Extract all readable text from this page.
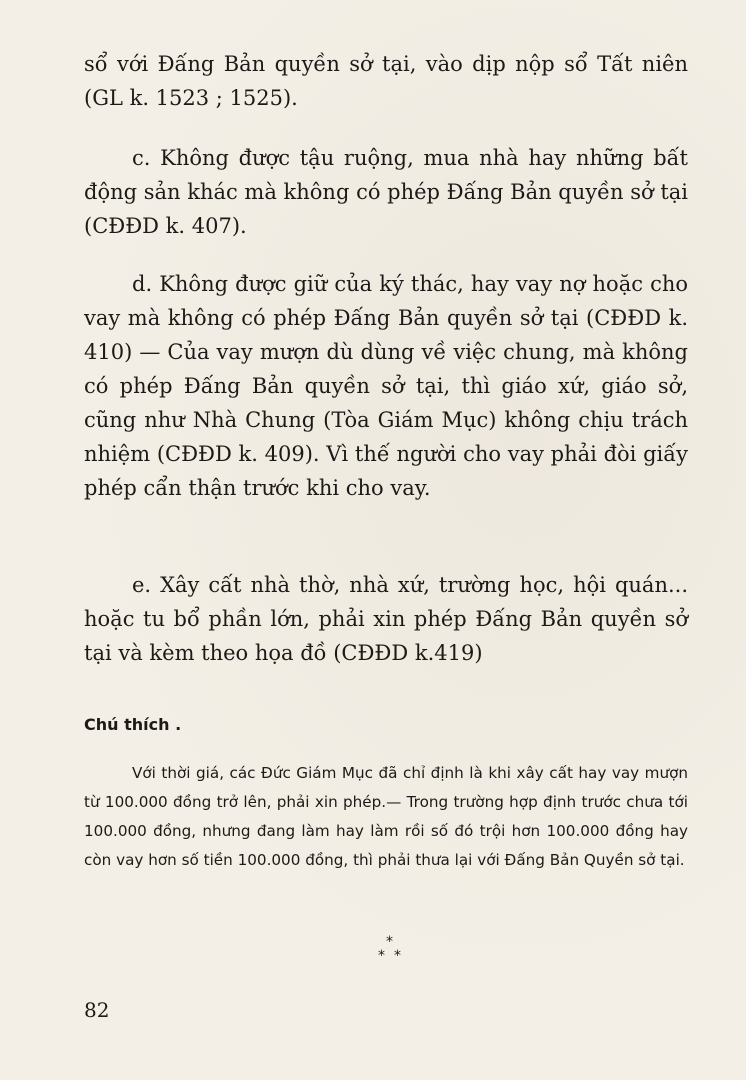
sổ với Đấng Bản quyền sở tại, vào dịp nộp sổ Tất niên (GL k. 1523 ; 1525).

c. Không được tậu ruộng, mua nhà hay những bất động sản khác mà không có phép Đấng Bản quyền sở tại (CĐĐD k. 407).

d. Không được giữ của ký thác, hay vay nợ hoặc cho vay mà không có phép Đấng Bản quyền sở tại (CĐĐD k. 410) — Của vay mượn dù dùng về việc chung, mà không có phép Đấng Bản quyền sở tại, thì giáo xứ, giáo sở, cũng như Nhà Chung (Tòa Giám Mục) không chịu trách nhiệm (CĐĐD k. 409). Vì thế người cho vay phải đòi giấy phép cẩn thận trước khi cho vay.

e. Xây cất nhà thờ, nhà xứ, trường học, hội quán... hoặc tu bổ phần lớn, phải xin phép Đấng Bản quyền sở tại và kèm theo họa đồ (CĐĐD k.419)

Chú thích .

Với thời giá, các Đức Giám Mục đã chỉ định là khi xây cất hay vay mượn từ 100.000 đồng trở lên, phải xin phép.— Trong trường hợp định trước chưa tới 100.000 đồng, nhưng đang làm hay làm rồi số đó trội hơn 100.000 đồng hay còn vay hơn số tiền 100.000 đồng, thì phải thưa lại với Đấng Bản Quyền sở tại.

*
* *

82
